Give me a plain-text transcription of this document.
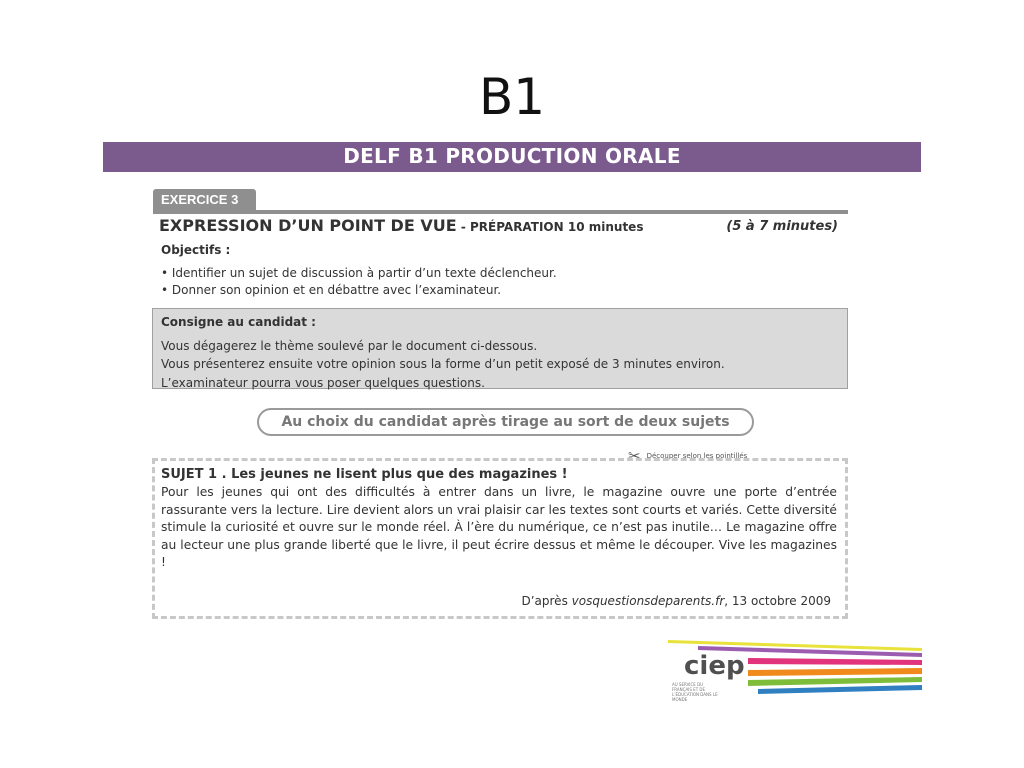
B1
DELF B1 PRODUCTION ORALE
EXERCICE 3
EXPRESSION D’UN POINT DE VUE - PRÉPARATION 10 minutes	(5 à 7 minutes)
Objectifs :
• Identifier un sujet de discussion à partir d’un texte déclencheur.
• Donner son opinion et en débattre avec l’examinateur.
Consigne au candidat :
Vous dégagerez le thème soulevé par le document ci-dessous.
Vous présenterez ensuite votre opinion sous la forme d’un petit exposé de 3 minutes environ.
L’examinateur pourra vous poser quelques questions.
Au choix du candidat après tirage au sort de deux sujets
✂ Découper selon les pointillés
SUJET 1 . Les jeunes ne lisent plus que des magazines !
Pour les jeunes qui ont des difficultés à entrer dans un livre, le magazine ouvre une porte d’entrée rassurante vers la lecture. Lire devient alors un vrai plaisir car les textes sont courts et variés. Cette diversité stimule la curiosité et ouvre sur le monde réel. À l’ère du numérique, ce n’est pas inutile… Le magazine offre au lecteur une plus grande liberté que le livre, il peut écrire dessus et même le découper. Vive les magazines !
D’après vosquestionsdeparents.fr, 13 octobre 2009
ciep
AU SERVICE DU FRANÇAIS ET DE L’ÉDUCATION DANS LE MONDE
